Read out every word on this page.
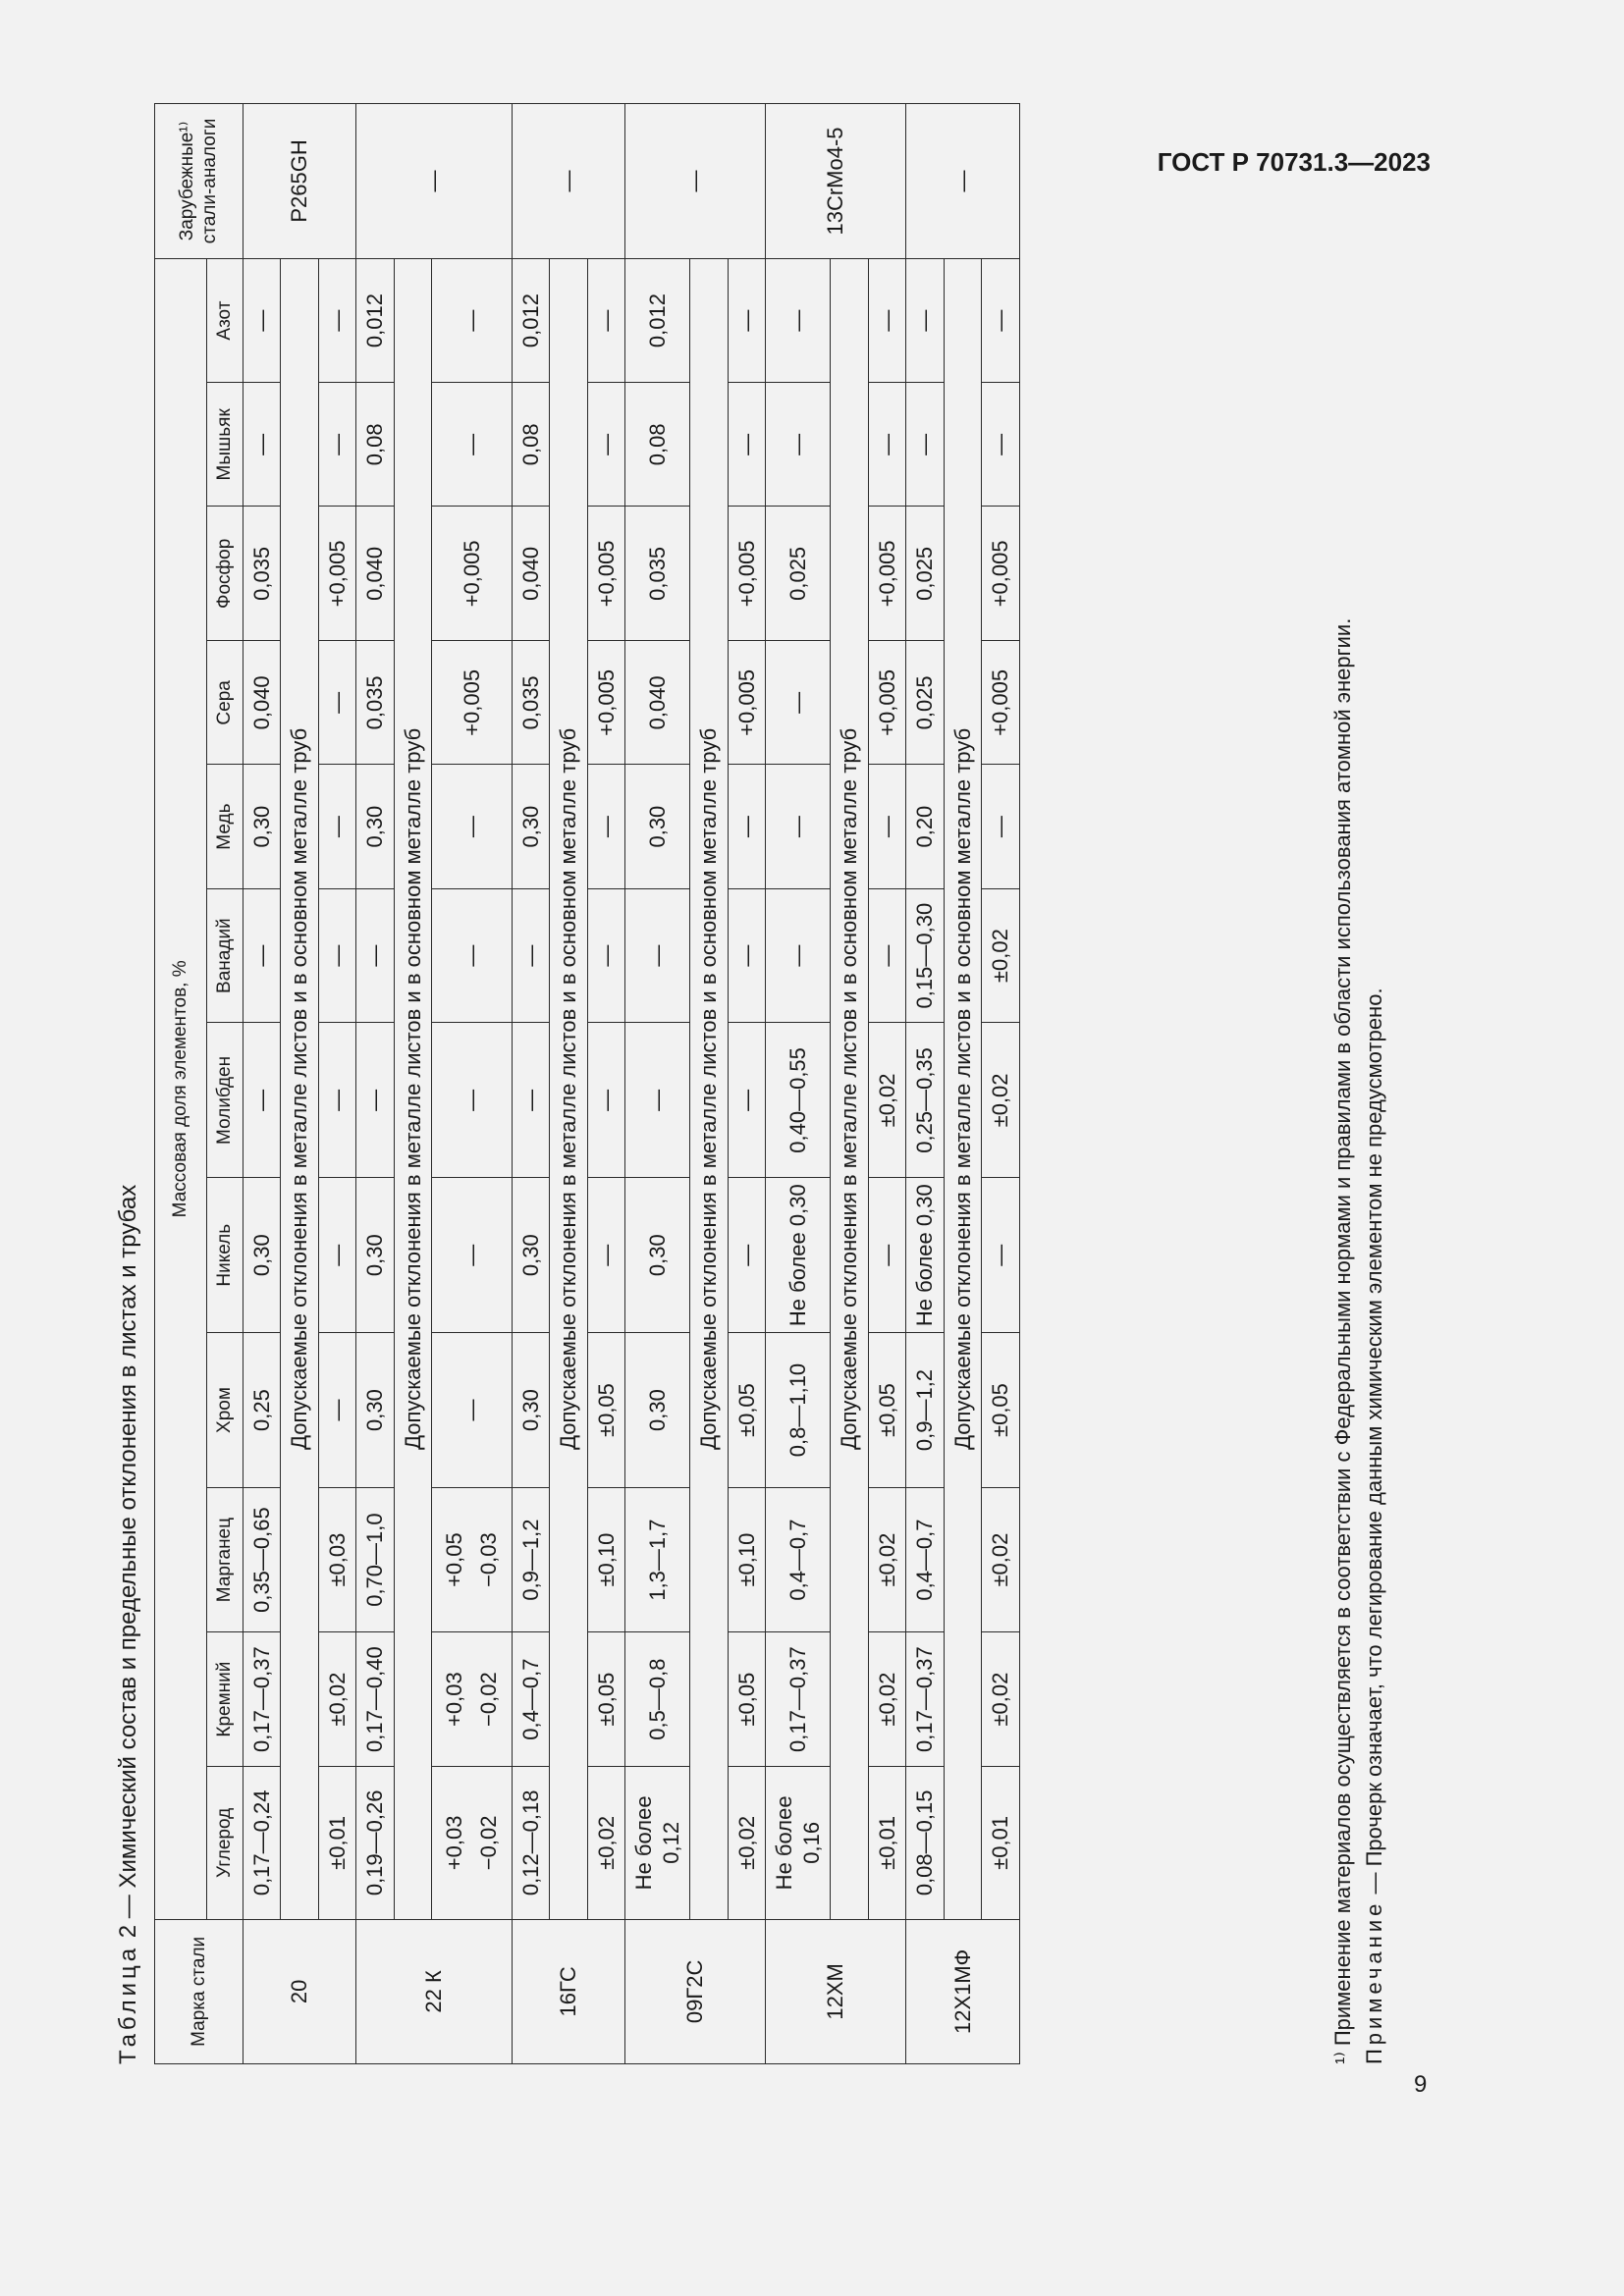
ГОСТ Р 70731.3—2023
9
Таблица 2 — Химический состав и предельные отклонения в листах и трубах
Марка стали	Массовая доля элементов, %												Зарубежные¹⁾ стали-аналоги
	Углерод	Кремний	Марганец	Хром	Никель	Молибден	Ванадий	Медь	Сера	Фосфор	Мышьяк	Азот	
20	0,17—0,24	0,17—0,37	0,35—0,65	0,25	0,30	—	—	0,30	0,040	0,035	—	—	P265GH
	Допускаемые отклонения в металле листов и в основном металле труб												
	±0,01	±0,02	±0,03	—	—	—	—	—	—	+0,005	—	—	
22 К	0,19—0,26	0,17—0,40	0,70—1,0	0,30	0,30	—	—	0,30	0,035	0,040	0,08	0,012	—
	Допускаемые отклонения в металле листов и в основном металле труб												

	+0,03 −0,02	+0,03 −0,02	+0,05 −0,03	—	—	—	—	—	+0,005	+0,005	—	—	
16ГС	0,12—0,18	0,4—0,7	0,9—1,2	0,30	0,30	—	—	0,30	0,035	0,040	0,08	0,012	—
	Допускаемые отклонения в металле листов и в основном металле труб												
	±0,02	±0,05	±0,10	±0,05	—	—	—	—	+0,005	+0,005	—	—	
09Г2С	Не более 0,12	0,5—0,8	1,3—1,7	0,30	0,30	—	—	0,30	0,040	0,035	0,08	0,012	—
	Допускаемые отклонения в металле листов и в основном металле труб												
	±0,02	±0,05	±0,10	±0,05	—	—	—	—	+0,005	+0,005	—	—	
12ХМ	Не более 0,16	0,17—0,37	0,4—0,7	0,8—1,10	Не более 0,30	0,40—0,55	—	—	—	0,025	—	—	13CrMo4-5
	Допускаемые отклонения в металле листов и в основном металле труб												
	±0,01	±0,02	±0,02	±0,05	—	±0,02	—	—	+0,005	+0,005	—	—	
12Х1МФ	0,08—0,15	0,17—0,37	0,4—0,7	0,9—1,2	Не более 0,30	0,25—0,35	0,15—0,30	0,20	0,025	0,025	—	—	—
	Допускаемые отклонения в металле листов и в основном металле труб												
	±0,01	±0,02	±0,02	±0,05	—	±0,02	±0,02	—	+0,005	+0,005	—	—	
¹⁾ Применение материалов осуществляется в соответствии с Федеральными нормами и правилами в области использования атомной энергии. Примечание — Прочерк означает, что легирование данным химическим элементом не предусмотрено.
